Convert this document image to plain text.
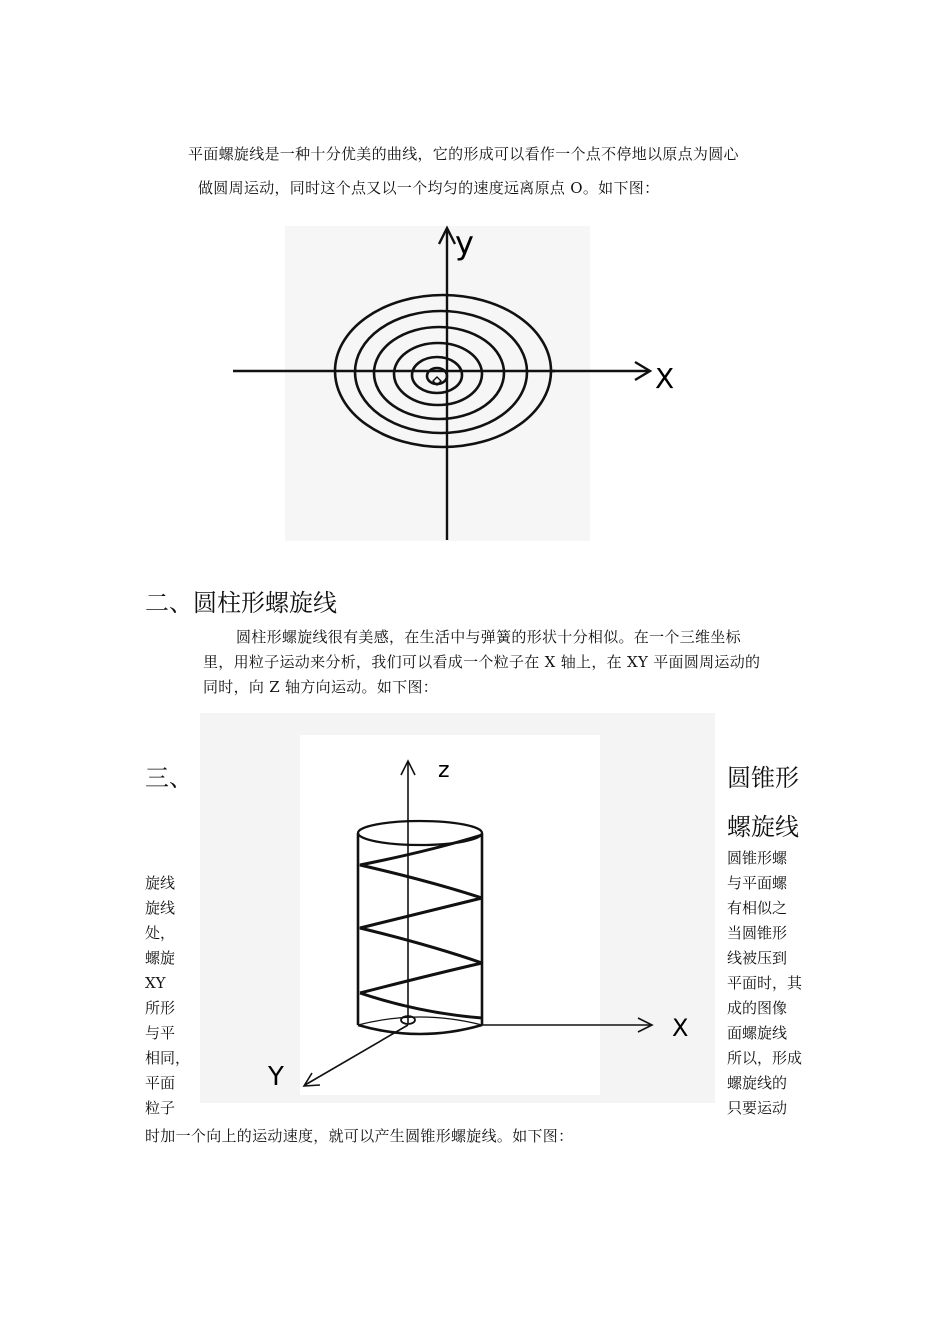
平面螺旋线是一种十分优美的曲线，它的形成可以看作一个点不停地以原点为圆心
做圆周运动，同时这个点又以一个均匀的速度远离原点 O。如下图：
X
y
二、圆柱形螺旋线
圆柱形螺旋线很有美感，在生活中与弹簧的形状十分相似。在一个三维坐标
里，用粒子运动来分析，我们可以看成一个粒子在 X 轴上，在 XY 平面圆周运动的
同时，向 Z 轴方向运动。如下图：
三、	圆锥形
螺旋线
旋线
旋线
处，
螺旋
XY
所形
与平
相同，
平面
粒子
圆锥形螺
与平面螺
有相似之
当圆锥形
线被压到
平面时，其
成的图像
面螺旋线
所以，形成
螺旋线的
只要运动
z
X
Y
时加一个向上的运动速度，就可以产生圆锥形螺旋线。如下图：
